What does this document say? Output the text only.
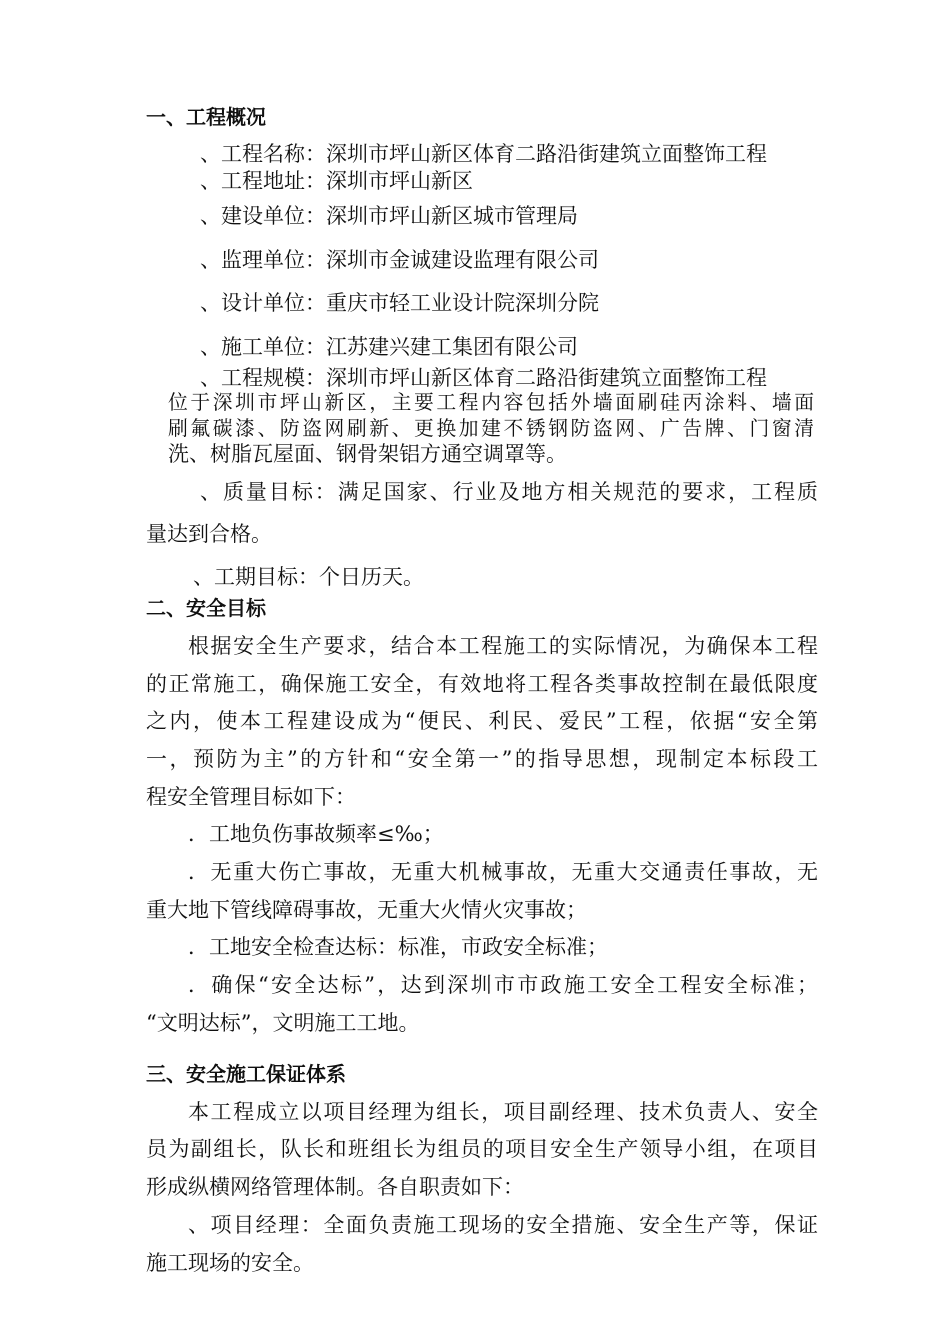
一、工程概况

、工程名称：深圳市坪山新区体育二路沿街建筑立面整饰工程

、工程地址：深圳市坪山新区

、建设单位：深圳市坪山新区城市管理局

、监理单位：深圳市金诚建设监理有限公司

、设计单位：重庆市轻工业设计院深圳分院

、施工单位：江苏建兴建工集团有限公司

、工程规模：深圳市坪山新区体育二路沿街建筑立面整饰工程

位于深圳市坪山新区，主要工程内容包括外墙面刷硅丙涂料、墙面

刷氟碳漆、防盗网刷新、更换加建不锈钢防盗网、广告牌、门窗清

洗、树脂瓦屋面、钢骨架铝方通空调罩等。

、质量目标：满足国家、行业及地方相关规范的要求，工程质

量达到合格。

、工期目标：个日历天。

二、安全目标

根据安全生产要求，结合本工程施工的实际情况，为确保本工程

的正常施工，确保施工安全，有效地将工程各类事故控制在最低限度

之内，使本工程建设成为“便民、利民、爱民”工程，依据“安全第

一，预防为主”的方针和“安全第一”的指导思想，现制定本标段工

程安全管理目标如下：

．工地负伤事故频率≤‰；

．无重大伤亡事故，无重大机械事故，无重大交通责任事故，无

重大地下管线障碍事故，无重大火情火灾事故；

．工地安全检查达标：标准，市政安全标准；

．确保“安全达标”，达到深圳市市政施工安全工程安全标准；

“文明达标”，文明施工工地。

三、安全施工保证体系

本工程成立以项目经理为组长，项目副经理、技术负责人、安全

员为副组长，队长和班组长为组员的项目安全生产领导小组，在项目

形成纵横网络管理体制。各自职责如下：

、项目经理：全面负责施工现场的安全措施、安全生产等，保证

施工现场的安全。
